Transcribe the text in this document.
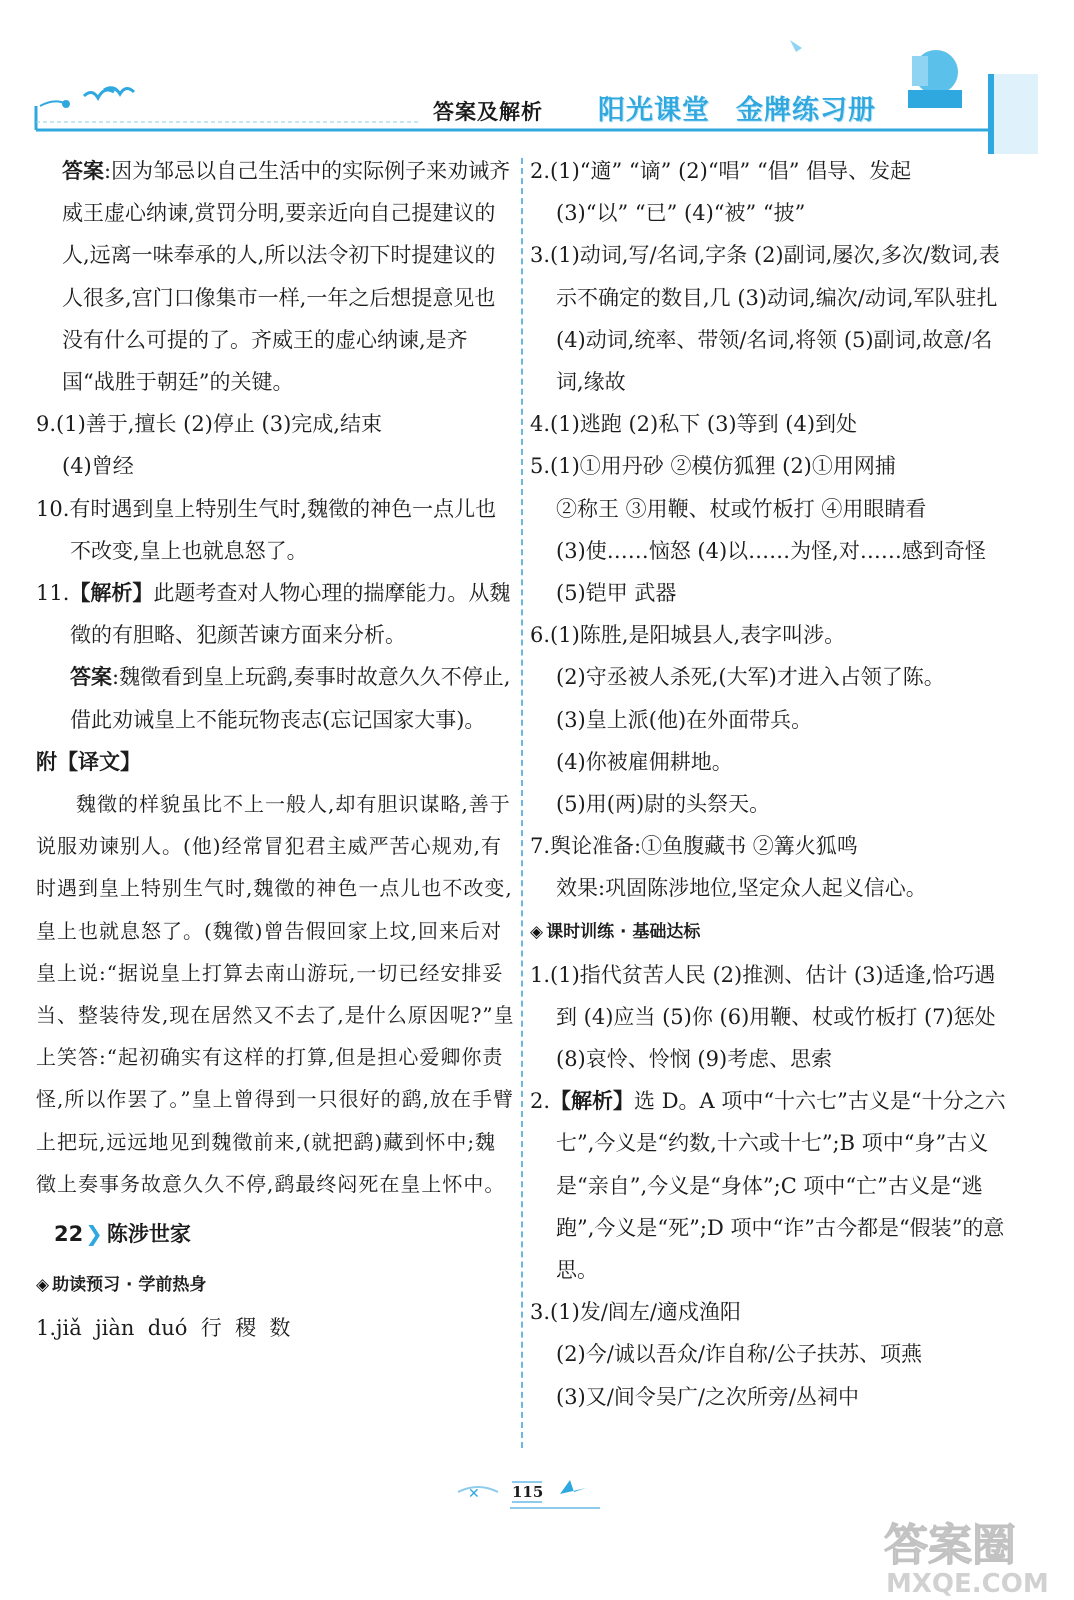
答案及解析 阳光课堂 金牌练习册

答案:因为邹忌以自己生活中的实际例子来劝诫齐威王虚心纳谏,赏罚分明,要亲近向自己提建议的人,远离一味奉承的人,所以法令初下时提建议的人很多,宫门口像集市一样,一年之后想提意见也没有什么可提的了。齐威王的虚心纳谏,是齐国“战胜于朝廷”的关键。

9.(1)善于,擅长 (2)停止 (3)完成,结束

(4)曾经

10.有时遇到皇上特别生气时,魏徵的神色一点儿也不改变,皇上也就息怒了。

11.【解析】此题考查对人物心理的揣摩能力。从魏徵的有胆略、犯颜苦谏方面来分析。

答案:魏徵看到皇上玩鹞,奏事时故意久久不停止,借此劝诫皇上不能玩物丧志(忘记国家大事)。

附【译文】

魏徵的样貌虽比不上一般人,却有胆识谋略,善于说服劝谏别人。(他)经常冒犯君主威严苦心规劝,有时遇到皇上特别生气时,魏徵的神色一点儿也不改变,皇上也就息怒了。(魏徵)曾告假回家上坟,回来后对皇上说:“据说皇上打算去南山游玩,一切已经安排妥当、整装待发,现在居然又不去了,是什么原因呢?”皇上笑答:“起初确实有这样的打算,但是担心爱卿你责怪,所以作罢了。”皇上曾得到一只很好的鹞,放在手臂上把玩,远远地见到魏徵前来,(就把鹞)藏到怀中;魏徵上奏事务故意久久不停,鹞最终闷死在皇上怀中。

22❯ 陈涉世家

◈ 助读预习 · 学前热身

1.jiǎ  jiàn  duó  行  稷  数

2.(1)“適” “谪” (2)“唱” “倡” 倡导、发起

(3)“以” “已” (4)“被” “披”

3.(1)动词,写/名词,字条 (2)副词,屡次,多次/数词,表示不确定的数目,几 (3)动词,编次/动词,军队驻扎 (4)动词,统率、带领/名词,将领 (5)副词,故意/名词,缘故

4.(1)逃跑 (2)私下 (3)等到 (4)到处

5.(1)①用丹砂 ②模仿狐狸 (2)①用网捕

②称王 ③用鞭、杖或竹板打 ④用眼睛看

(3)使……恼怒 (4)以……为怪,对……感到奇怪 (5)铠甲 武器

6.(1)陈胜,是阳城县人,表字叫涉。

(2)守丞被人杀死,(大军)才进入占领了陈。

(3)皇上派(他)在外面带兵。

(4)你被雇佣耕地。

(5)用(两)尉的头祭天。

7.舆论准备:①鱼腹藏书 ②篝火狐鸣

效果:巩固陈涉地位,坚定众人起义信心。

◈ 课时训练 · 基础达标

1.(1)指代贫苦人民 (2)推测、估计 (3)适逢,恰巧遇到 (4)应当 (5)你 (6)用鞭、杖或竹板打 (7)惩处 (8)哀怜、怜悯 (9)考虑、思索

2.【解析】选 D。A 项中“十六七”古义是“十分之六七”,今义是“约数,十六或十七”;B 项中“身”古义是“亲自”,今义是“身体”;C 项中“亡”古义是“逃跑”,今义是“死”;D 项中“诈”古今都是“假装”的意思。

3.(1)发/闾左/適戍渔阳

(2)今/诚以吾众/诈自称/公子扶苏、项燕

(3)又/间令吴广/之次所旁/丛祠中

✕ 115
答案圈
MXQE.COM
